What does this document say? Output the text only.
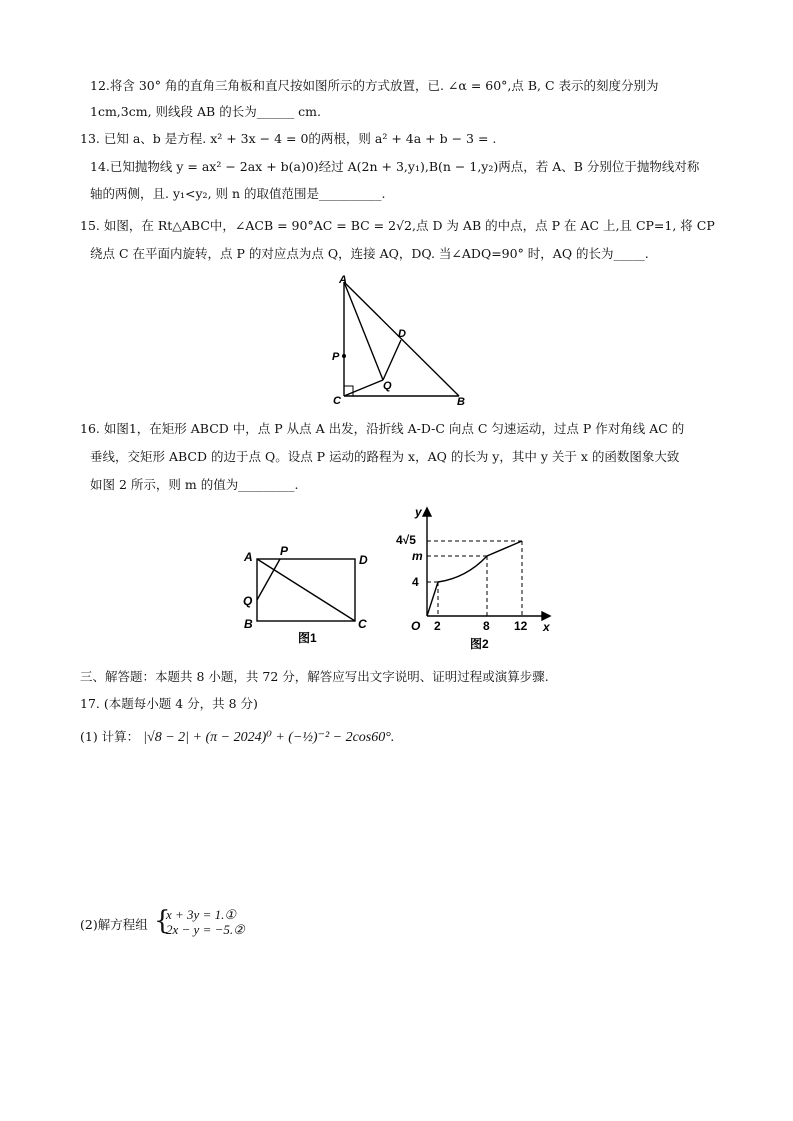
12.将含 30° 角的直角三角板和直尺按如图所示的方式放置，已. ∠α = 60°,点 B, C 表示的刻度分别为
1cm,3cm, 则线段 AB 的长为______ cm.
13. 已知 a、b 是方程. x² + 3x − 4 = 0的两根，则 a² + 4a + b − 3 = .
14.已知抛物线 y = ax² − 2ax + b(a)0)经过 A(2n + 3,y₁),B(n − 1,y₂)两点，若 A、B 分别位于抛物线对称
轴的两侧，且. y₁<y₂, 则 n 的取值范围是__________.
15. 如图，在 Rt△ABC中，∠ACB = 90°AC = BC = 2√2,点 D 为 AB 的中点，点 P 在 AC 上,且 CP=1, 将 CP
绕点 C 在平面内旋转，点 P 的对应点为点 Q，连接 AQ，DQ. 当∠ADQ=90° 时，AQ 的长为_____.
A
D
P
Q
C	B
16. 如图1，在矩形 ABCD 中，点 P 从点 A 出发，沿折线 A-D-C 向点 C 匀速运动，过点 P 作对角线 AC 的
垂线，交矩形 ABCD 的边于点 Q。设点 P 运动的路程为 x，AQ 的长为 y，其中 y 关于 x 的函数图象大致
如图 2 所示，则 m 的值为_________.
A P
D
Q
B	C
图1
y
x
O 2	8 12
4
m
4√5
图2
三、解答题：本题共 8 小题，共 72 分，解答应写出文字说明、证明过程或演算步骤.
17. (本题每小题 4 分，共 8 分)
(1) 计算： |√8 − 2| + (π − 2024)⁰ + (−½)⁻² − 2cos60°.
(2)解方程组 {
x + 3y = 1.①
2x − y = −5.②
